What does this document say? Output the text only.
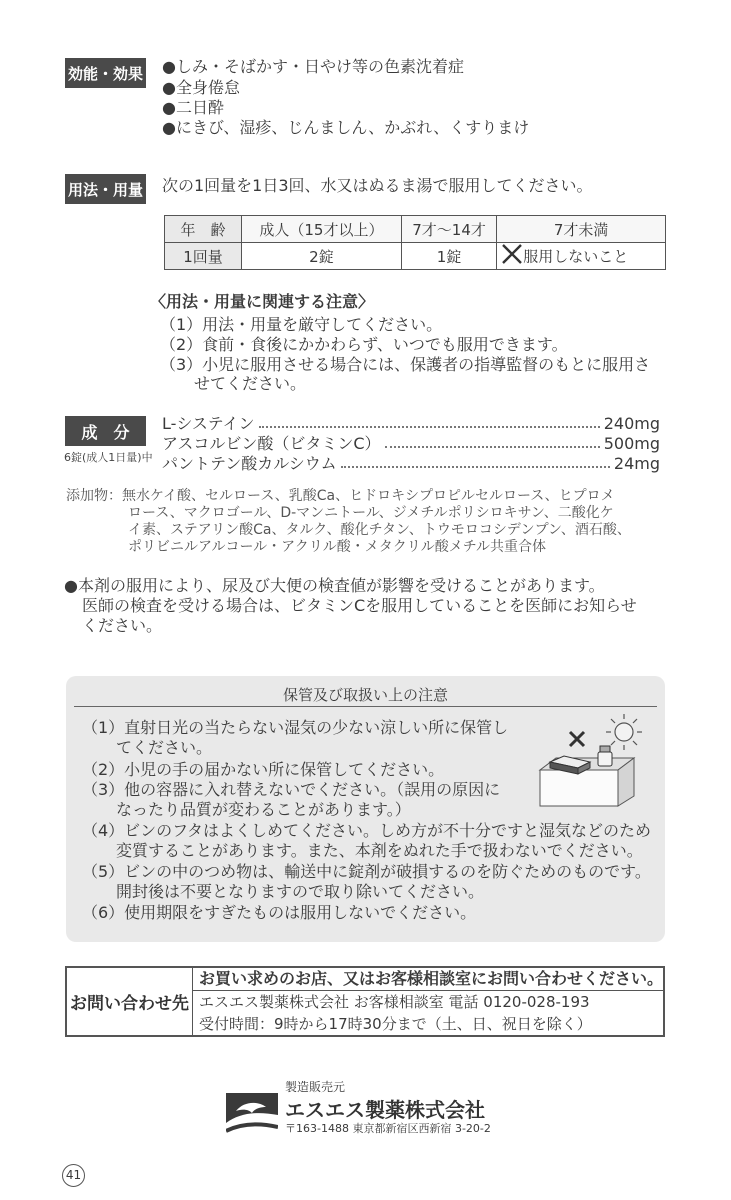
効能・効果 ●しみ・そばかす・日やけ等の色素沈着症
●全身倦怠
●二日酔
●にきび、湿疹、じんましん、かぶれ、くすりまけ
用法・用量 次の1回量を1日3回、水又はぬるま湯で服用してください。
年　齢	成人（15才以上）	7才～14才	7才未満
1回量	2錠	1錠	服用しないこと
〈用法・用量に関連する注意〉
（1）用法・用量を厳守してください。
（2）食前・食後にかかわらず、いつでも服用できます。
（3）小児に服用させる場合には、保護者の指導監督のもとに服用さ
せてください。
成　分
6錠(成人1日量)中
L-システイン	240mg
アスコルビン酸（ビタミンC）	500mg
パントテン酸カルシウム	24mg

添加物：無水ケイ酸、セルロース、乳酸Ca、ヒドロキシプロピルセルロース、ヒプロメ

ロース、マクロゴール、D-マンニトール、ジメチルポリシロキサン、二酸化ケ

イ素、ステアリン酸Ca、タルク、酸化チタン、トウモロコシデンプン、酒石酸、

ポリビニルアルコール・アクリル酸・メタクリル酸メチル共重合体

●本剤の服用により、尿及び大便の検査値が影響を受けることがあります。
医師の検査を受ける場合は、ビタミンCを服用していることを医師にお知らせ
ください。
保管及び取扱い上の注意
（1）直射日光の当たらない湿気の少ない涼しい所に保管し
てください。
（2）小児の手の届かない所に保管してください。
（3）他の容器に入れ替えないでください。（誤用の原因に
なったり品質が変わることがあります。）
（4）ビンのフタはよくしめてください。しめ方が不十分ですと湿気などのため
変質することがあります。また、本剤をぬれた手で扱わないでください。
（5）ビンの中のつめ物は、輸送中に錠剤が破損するのを防ぐためのものです。
開封後は不要となりますので取り除いてください。
（6）使用期限をすぎたものは服用しないでください。
お問い合わせ先
お買い求めのお店、又はお客様相談室にお問い合わせください。
エスエス製薬株式会社 お客様相談室 電話 0120-028-193
受付時間：9時から17時30分まで（土、日、祝日を除く）
製造販売元
エスエス製薬株式会社
〒163-1488 東京都新宿区西新宿 3-20-2
41
